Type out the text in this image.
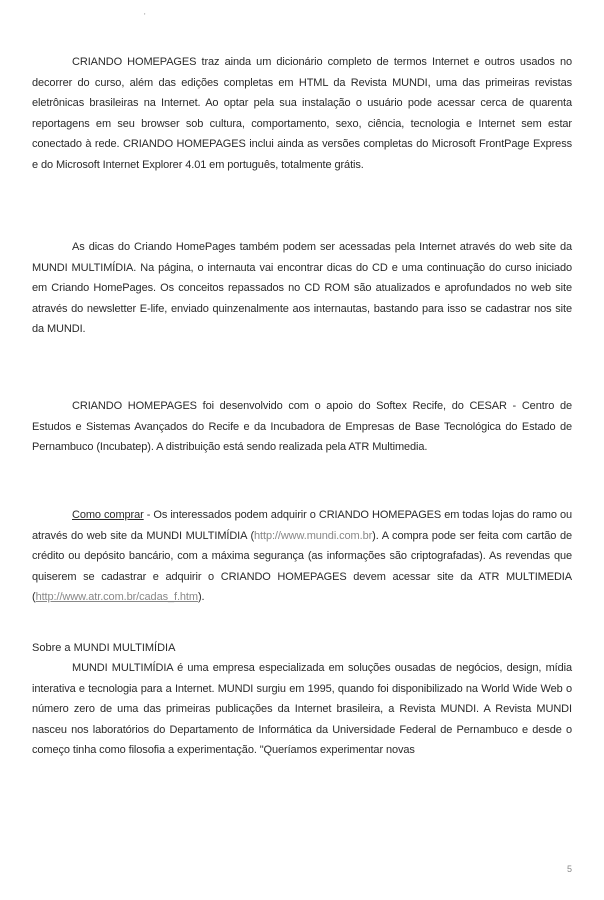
'

CRIANDO HOMEPAGES traz ainda um dicionário completo de termos Internet e outros usados no decorrer do curso, além das edições completas em HTML da Revista MUNDI, uma das primeiras revistas eletrônicas brasileiras na Internet. Ao optar pela sua instalação o usuário pode acessar cerca de quarenta reportagens em seu browser sob cultura, comportamento, sexo, ciência, tecnologia e Internet sem estar conectado à rede. CRIANDO HOMEPAGES inclui ainda as versões completas do Microsoft FrontPage Express e do Microsoft Internet Explorer 4.01 em português, totalmente grátis.

As dicas do Criando HomePages também podem ser acessadas pela Internet através do web site da MUNDI MULTIMÍDIA. Na página, o internauta vai encontrar dicas do CD e uma continuação do curso iniciado em Criando HomePages. Os conceitos repassados no CD ROM são atualizados e aprofundados no web site através do newsletter E-life, enviado quinzenalmente aos internautas, bastando para isso se cadastrar nos site da MUNDI.

CRIANDO HOMEPAGES foi desenvolvido com o apoio do Softex Recife, do CESAR - Centro de Estudos e Sistemas Avançados do Recife e da Incubadora de Empresas de Base Tecnológica do Estado de Pernambuco (Incubatep). A distribuição está sendo realizada pela ATR Multimedia.

Como comprar - Os interessados podem adquirir o CRIANDO HOMEPAGES em todas lojas do ramo ou através do web site da MUNDI MULTIMÍDIA (http://www.mundi.com.br). A compra pode ser feita com cartão de crédito ou depósito bancário, com a máxima segurança (as informações são criptografadas). As revendas que quiserem se cadastrar e adquirir o CRIANDO HOMEPAGES devem acessar site da ATR MULTIMEDIA (http://www.atr.com.br/cadas_f.htm).

Sobre a MUNDI MULTIMÍDIA

MUNDI MULTIMÍDIA é uma empresa especializada em soluções ousadas de negócios, design, mídia interativa e tecnologia para a Internet. MUNDI surgiu em 1995, quando foi disponibilizado na World Wide Web o número zero de uma das primeiras publicações da Internet brasileira, a Revista MUNDI. A Revista MUNDI nasceu nos laboratórios do Departamento de Informática da Universidade Federal de Pernambuco e desde o começo tinha como filosofia a experimentação. "Queríamos experimentar novas

5
